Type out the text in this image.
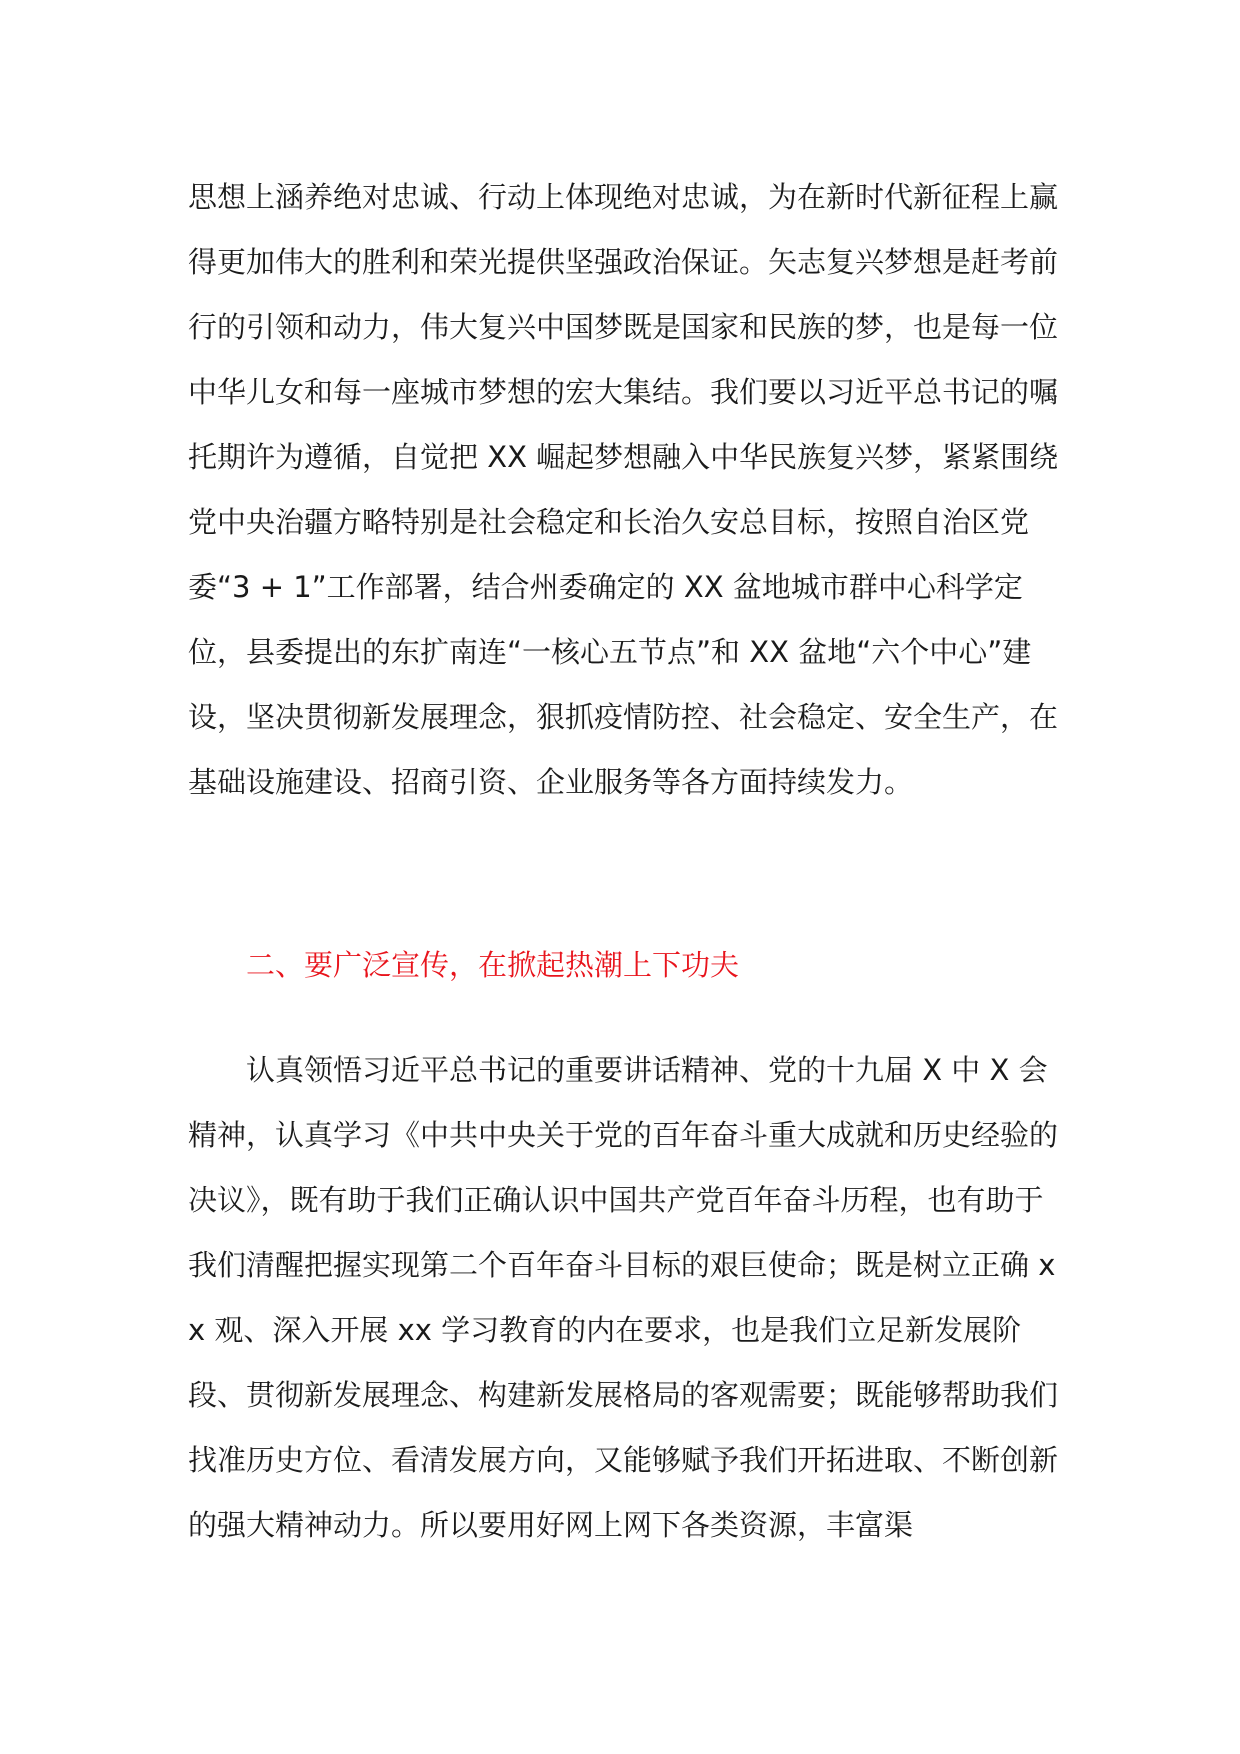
思想上涵养绝对忠诚、行动上体现绝对忠诚，为在新时代新征程上赢得更加伟大的胜利和荣光提供坚强政治保证。矢志复兴梦想是赶考前行的引领和动力，伟大复兴中国梦既是国家和民族的梦，也是每一位中华儿女和每一座城市梦想的宏大集结。我们要以习近平总书记的嘱托期许为遵循，自觉把 XX 崛起梦想融入中华民族复兴梦，紧紧围绕党中央治疆方略特别是社会稳定和长治久安总目标，按照自治区党委“3 + 1”工作部署，结合州委确定的 XX 盆地城市群中心科学定位，县委提出的东扩南连“一核心五节点”和 XX 盆地“六个中心”建设，坚决贯彻新发展理念，狠抓疫情防控、社会稳定、安全生产，在基础设施建设、招商引资、企业服务等各方面持续发力。

二、要广泛宣传，在掀起热潮上下功夫

认真领悟习近平总书记的重要讲话精神、党的十九届 X 中 X 会精神，认真学习《中共中央关于党的百年奋斗重大成就和历史经验的决议》，既有助于我们正确认识中国共产党百年奋斗历程，也有助于我们清醒把握实现第二个百年奋斗目标的艰巨使命；既是树立正确 xx 观、深入开展 xx 学习教育的内在要求，也是我们立足新发展阶段、贯彻新发展理念、构建新发展格局的客观需要；既能够帮助我们找准历史方位、看清发展方向，又能够赋予我们开拓进取、不断创新的强大精神动力。所以要用好网上网下各类资源，丰富渠
